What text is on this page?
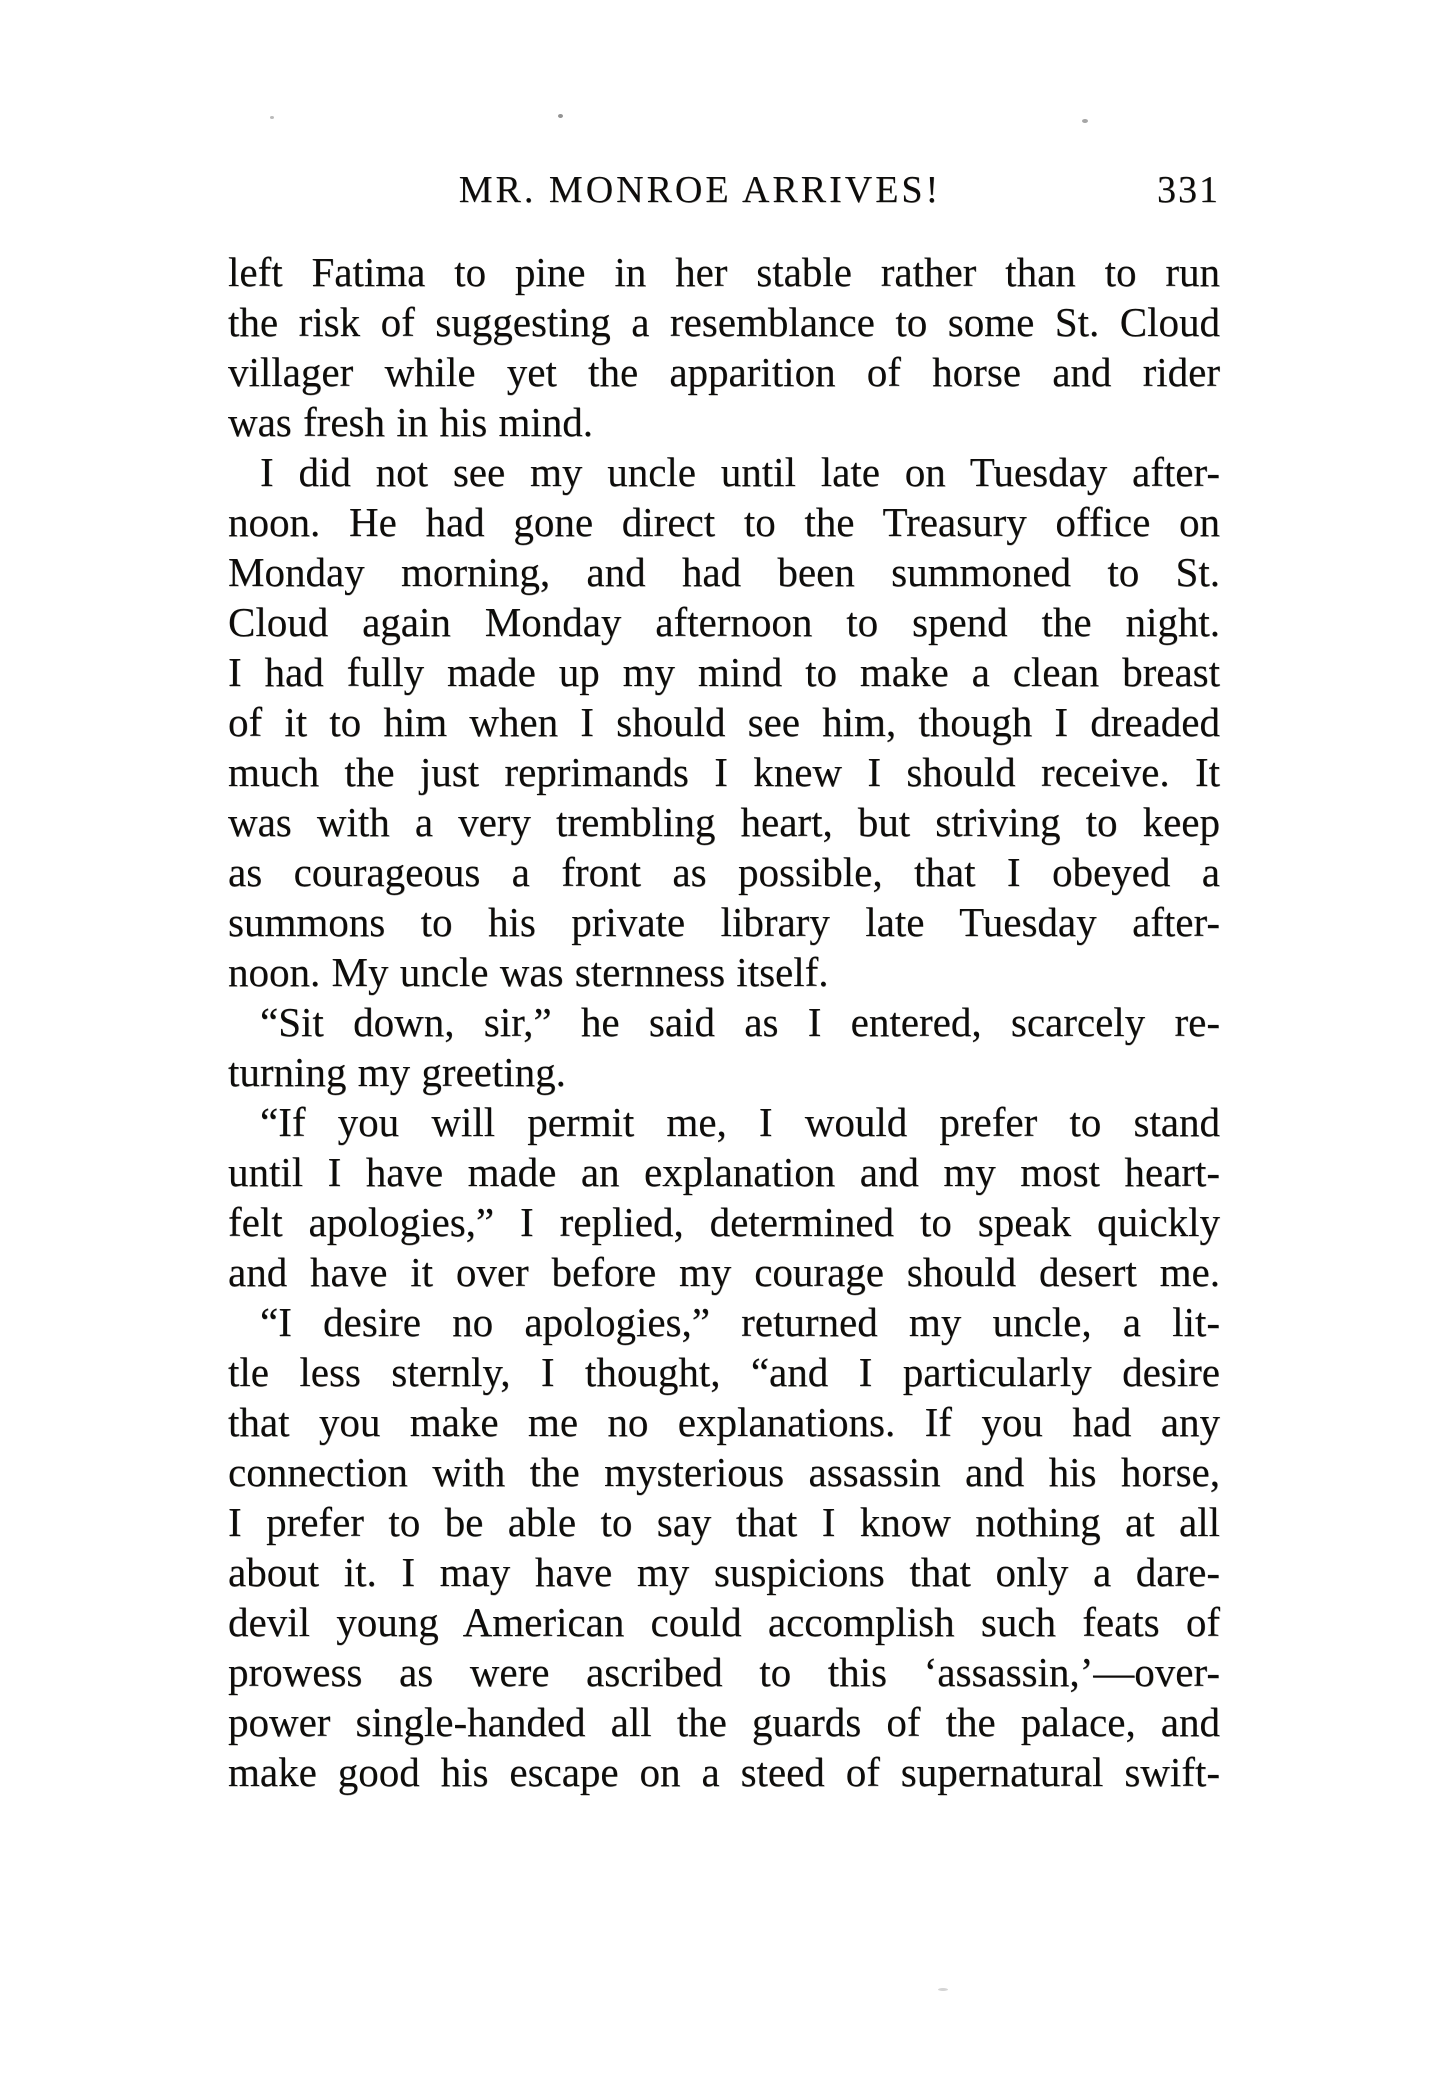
MR. MONROE ARRIVES!	331
left Fatima to pine in her stable rather than to run
the risk of suggesting a resemblance to some St. Cloud
villager while yet the apparition of horse and rider
was fresh in his mind.
I did not see my uncle until late on Tuesday after-
noon. He had gone direct to the Treasury office on
Monday morning, and had been summoned to St.
Cloud again Monday afternoon to spend the night.
I had fully made up my mind to make a clean breast
of it to him when I should see him, though I dreaded
much the just reprimands I knew I should receive. It
was with a very trembling heart, but striving to keep
as courageous a front as possible, that I obeyed a
summons to his private library late Tuesday after-
noon. My uncle was sternness itself.
“Sit down, sir,” he said as I entered, scarcely re-
turning my greeting.
“If you will permit me, I would prefer to stand
until I have made an explanation and my most heart-
felt apologies,” I replied, determined to speak quickly
and have it over before my courage should desert me.
“I desire no apologies,” returned my uncle, a lit-
tle less sternly, I thought, “and I particularly desire
that you make me no explanations. If you had any
connection with the mysterious assassin and his horse,
I prefer to be able to say that I know nothing at all
about it. I may have my suspicions that only a dare-
devil young American could accomplish such feats of
prowess as were ascribed to this ‘assassin,’—over-
power single-handed all the guards of the palace, and
make good his escape on a steed of supernatural swift-
